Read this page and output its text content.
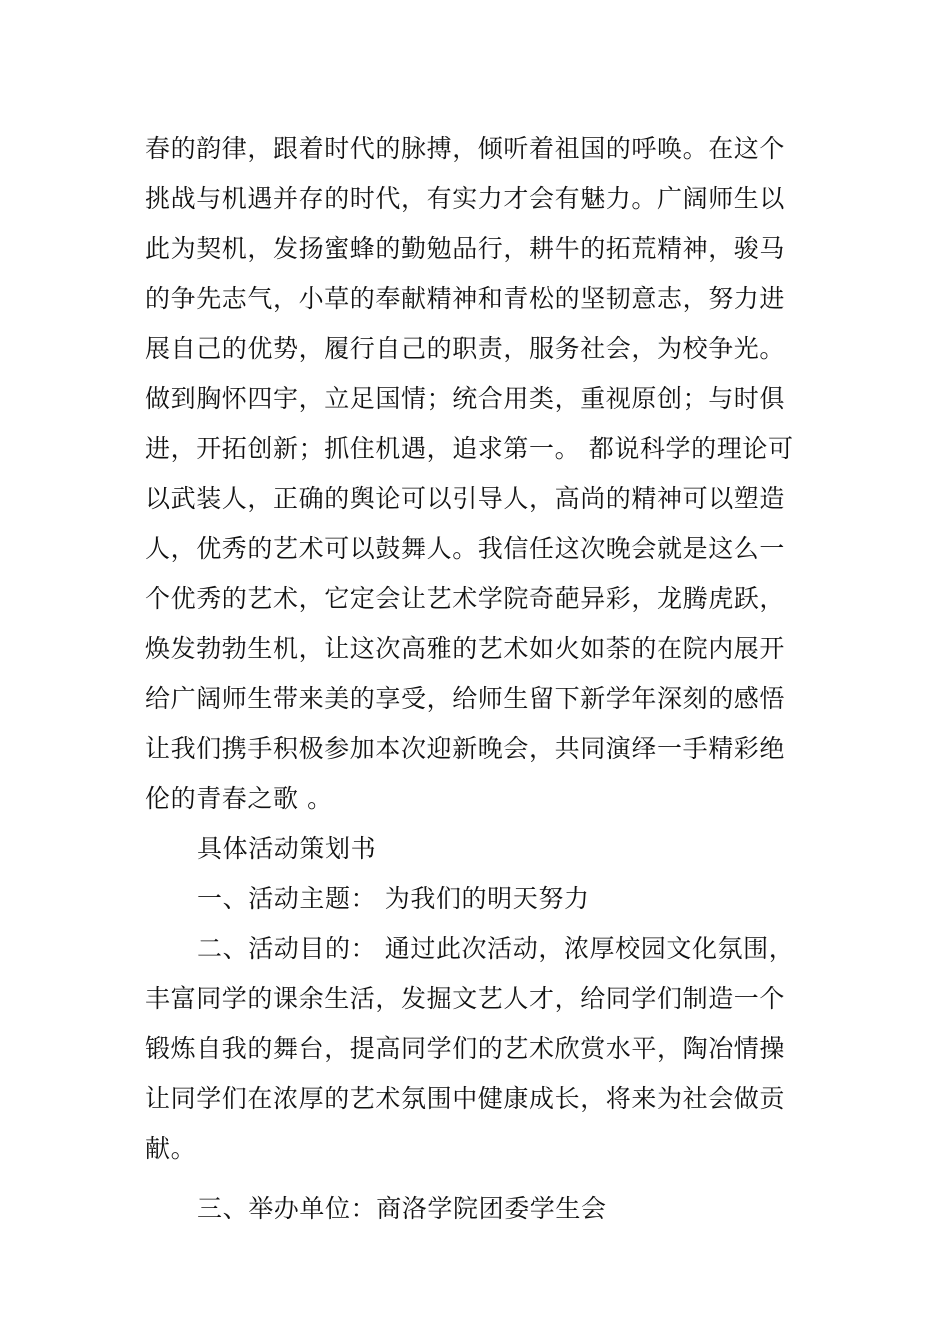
春的韵律，跟着时代的脉搏，倾听着祖国的呼唤。在这个
挑战与机遇并存的时代，有实力才会有魅力。广阔师生以
此为契机，发扬蜜蜂的勤勉品行，耕牛的拓荒精神，骏马
的争先志气，小草的奉献精神和青松的坚韧意志，努力进
展自己的优势，履行自己的职责，服务社会，为校争光。
做到胸怀四宇，立足国情；统合用类，重视原创；与时俱
进，开拓创新；抓住机遇，追求第一。 都说科学的理论可
以武装人，正确的舆论可以引导人，高尚的精神可以塑造
人，优秀的艺术可以鼓舞人。我信任这次晚会就是这么一
个优秀的艺术，它定会让艺术学院奇葩异彩，龙腾虎跃，
焕发勃勃生机，让这次高雅的艺术如火如荼的在院内展开
给广阔师生带来美的享受，给师生留下新学年深刻的感悟
让我们携手积极参加本次迎新晚会，共同演绎一手精彩绝
伦的青春之歌 。
具体活动策划书
一、活动主题： 为我们的明天努力
二、活动目的： 通过此次活动，浓厚校园文化氛围，
丰富同学的课余生活，发掘文艺人才，给同学们制造一个
锻炼自我的舞台，提高同学们的艺术欣赏水平，陶冶情操
让同学们在浓厚的艺术氛围中健康成长，将来为社会做贡
献。
三、举办单位：商洛学院团委学生会
